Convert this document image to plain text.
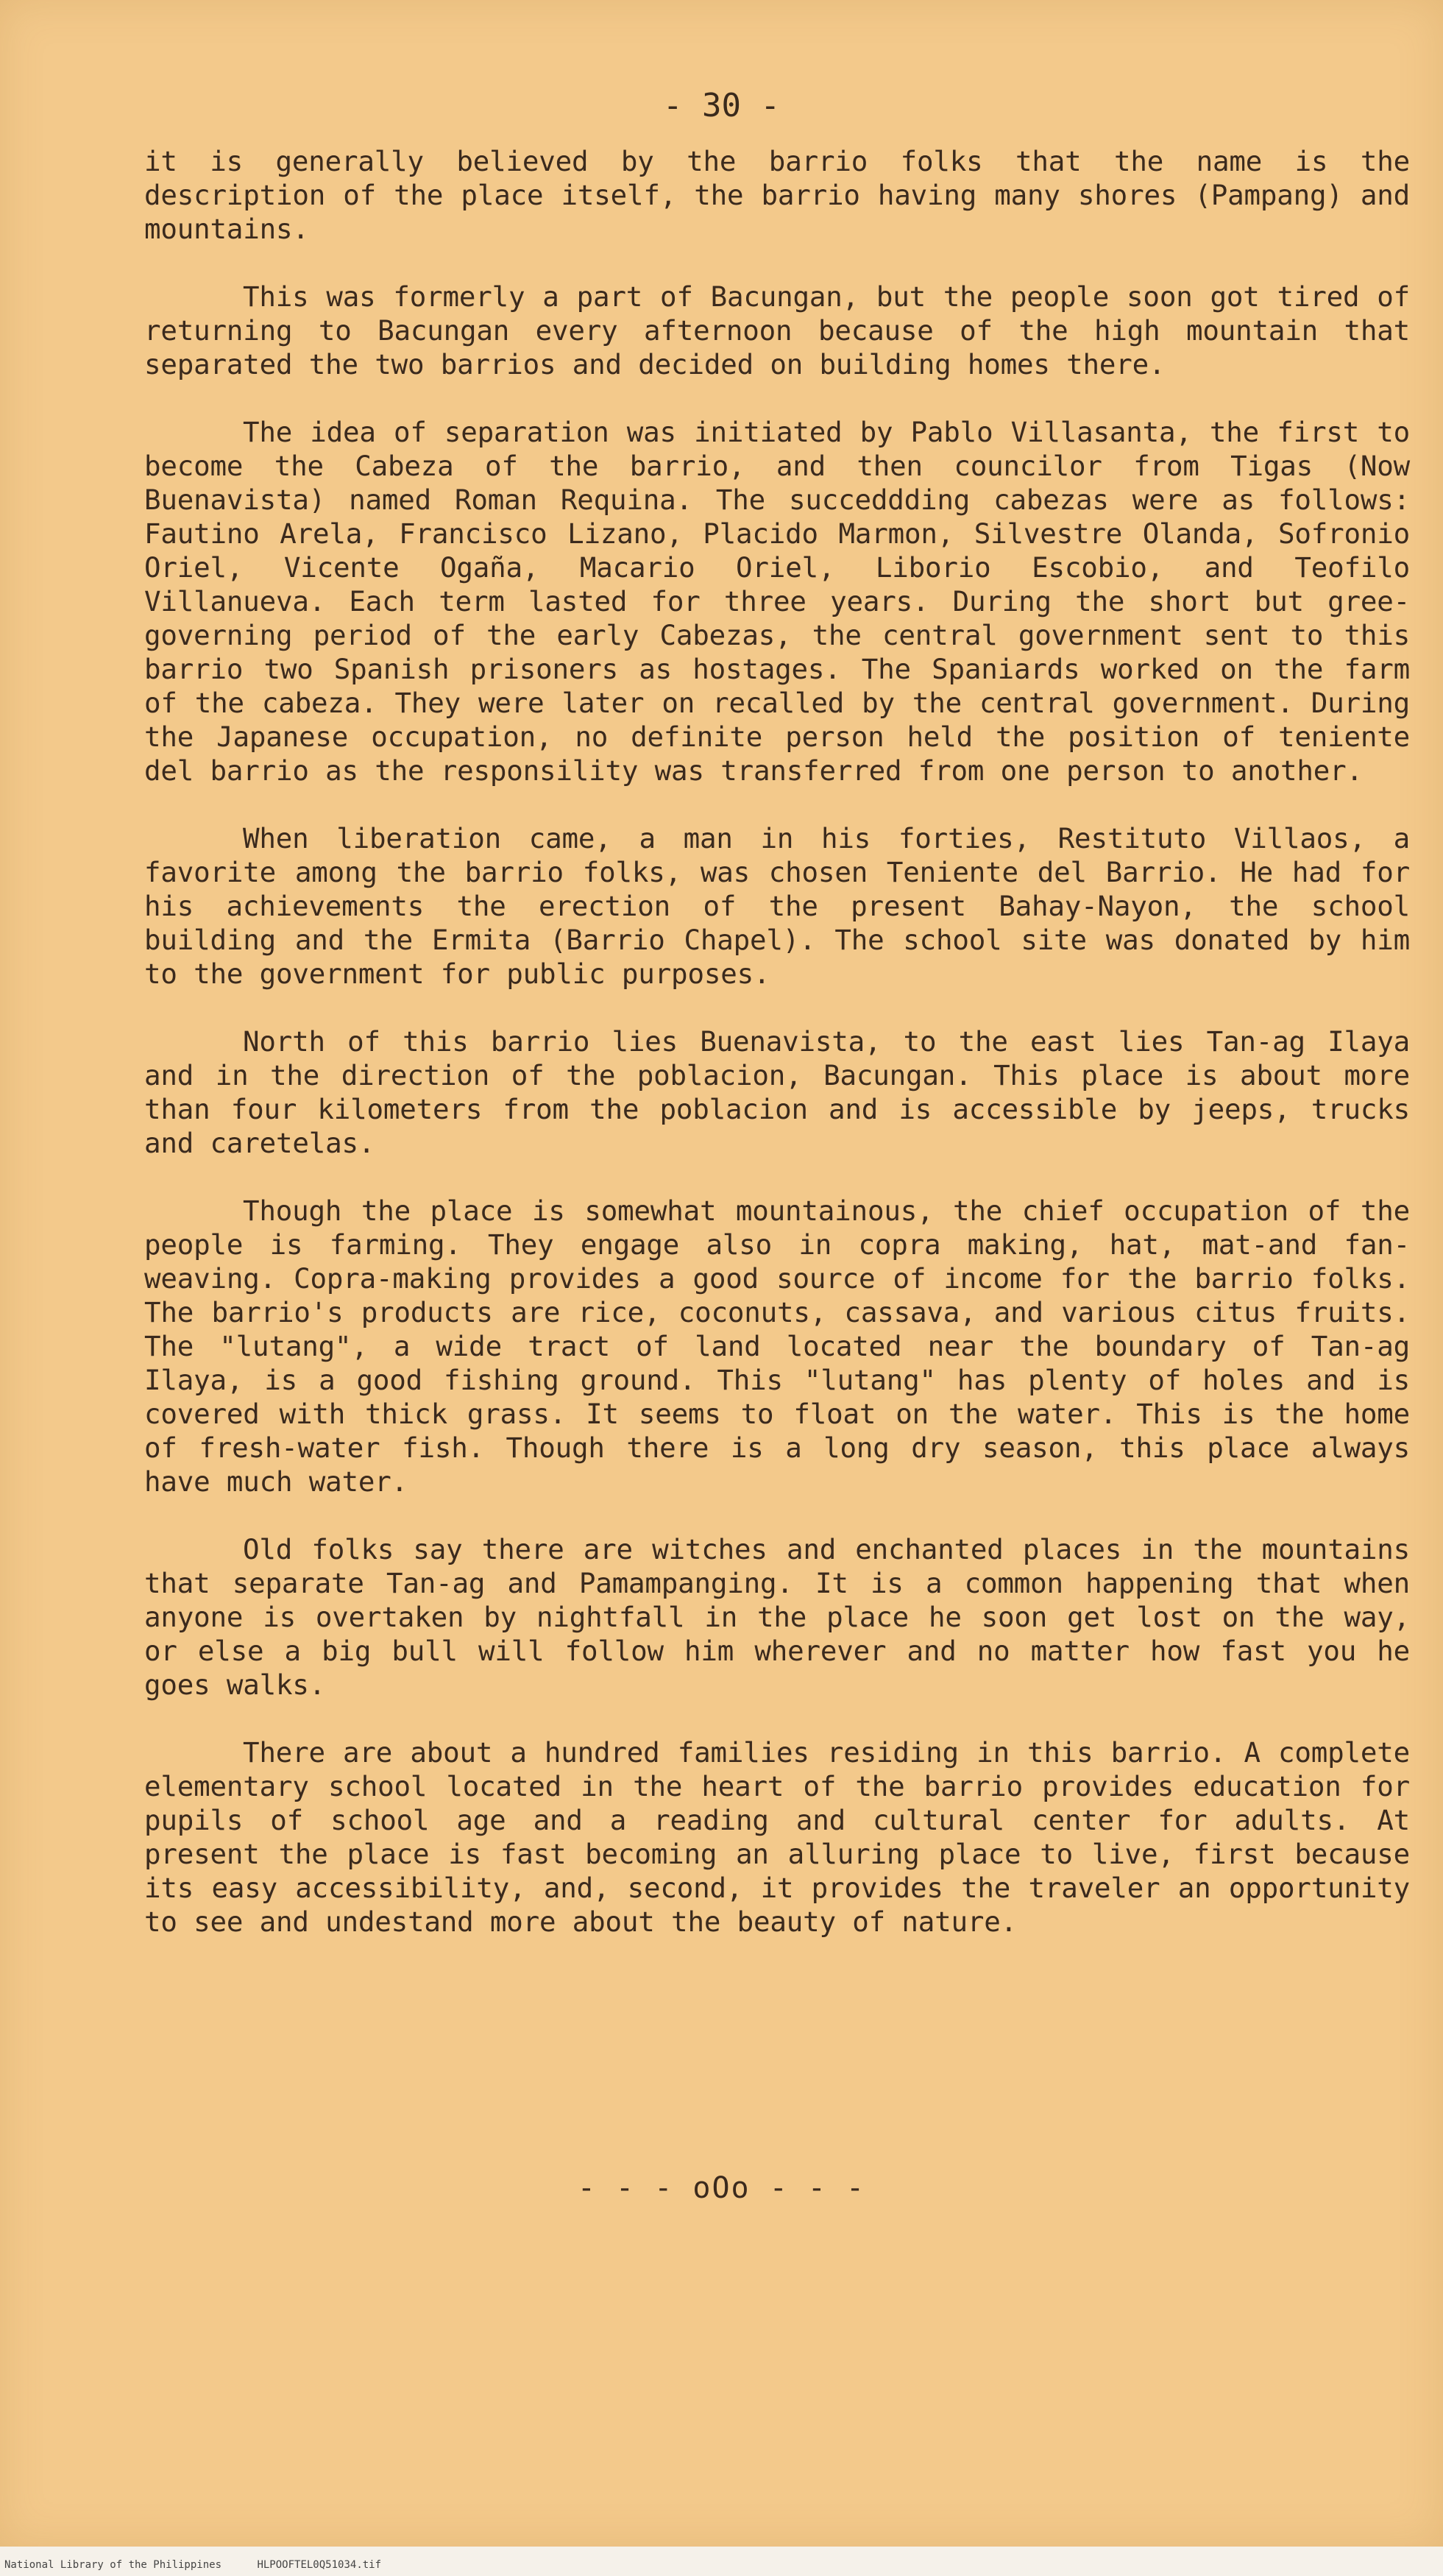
- 30 -

it is generally believed by the barrio folks that the name is the description of the place itself, the barrio having many shores (Pampang) and mountains.

This was formerly a part of Bacungan, but the people soon got tired of returning to Bacungan every afternoon because of the high mountain that separated the two barrios and decided on building homes there.

The idea of separation was initiated by Pablo Villasanta, the first to become the Cabeza of the barrio, and then councilor from Tigas (Now Buenavista) named Roman Requina. The succeddding cabezas were as follows: Fautino Arela, Francisco Lizano, Placido Marmon, Silvestre Olanda, Sofronio Oriel, Vicente Ogaña, Macario Oriel, Liborio Escobio, and Teofilo Villanueva. Each term lasted for three years. During the short but gree-governing period of the early Cabezas, the central government sent to this barrio two Spanish prisoners as hostages. The Spaniards worked on the farm of the cabeza. They were later on recalled by the central government. During the Japanese occupation, no definite person held the position of teniente del barrio as the responsility was transferred from one person to another.

When liberation came, a man in his forties, Restituto Villaos, a favorite among the barrio folks, was chosen Teniente del Barrio. He had for his achievements the erection of the present Bahay-Nayon, the school building and the Ermita (Barrio Chapel). The school site was donated by him to the government for public purposes.

North of this barrio lies Buenavista, to the east lies Tan-ag Ilaya and in the direction of the poblacion, Bacungan. This place is about more than four kilometers from the poblacion and is accessible by jeeps, trucks and caretelas.

Though the place is somewhat mountainous, the chief occupation of the people is farming. They engage also in copra making, hat, mat-and fan-weaving. Copra-making provides a good source of income for the barrio folks. The barrio's products are rice, coconuts, cassava, and various citus fruits. The "lutang", a wide tract of land located near the boundary of Tan-ag Ilaya, is a good fishing ground. This "lutang" has plenty of holes and is covered with thick grass. It seems to float on the water. This is the home of fresh-water fish. Though there is a long dry season, this place always have much water.

Old folks say there are witches and enchanted places in the mountains that separate Tan-ag and Pamampanging. It is a common happening that when anyone is overtaken by nightfall in the place he soon get lost on the way, or else a big bull will follow him wherever and no matter how fast you he goes walks.

There are about a hundred families residing in this barrio. A complete elementary school located in the heart of the barrio provides education for pupils of school age and a reading and cultural center for adults. At present the place is fast becoming an alluring place to live, first because its easy accessibility, and, second, it provides the traveler an opportunity to see and undestand more about the beauty of nature.

- - - oOo - - -
National Library of the Philippines	HLPOOFTEL0Q51034.tif
